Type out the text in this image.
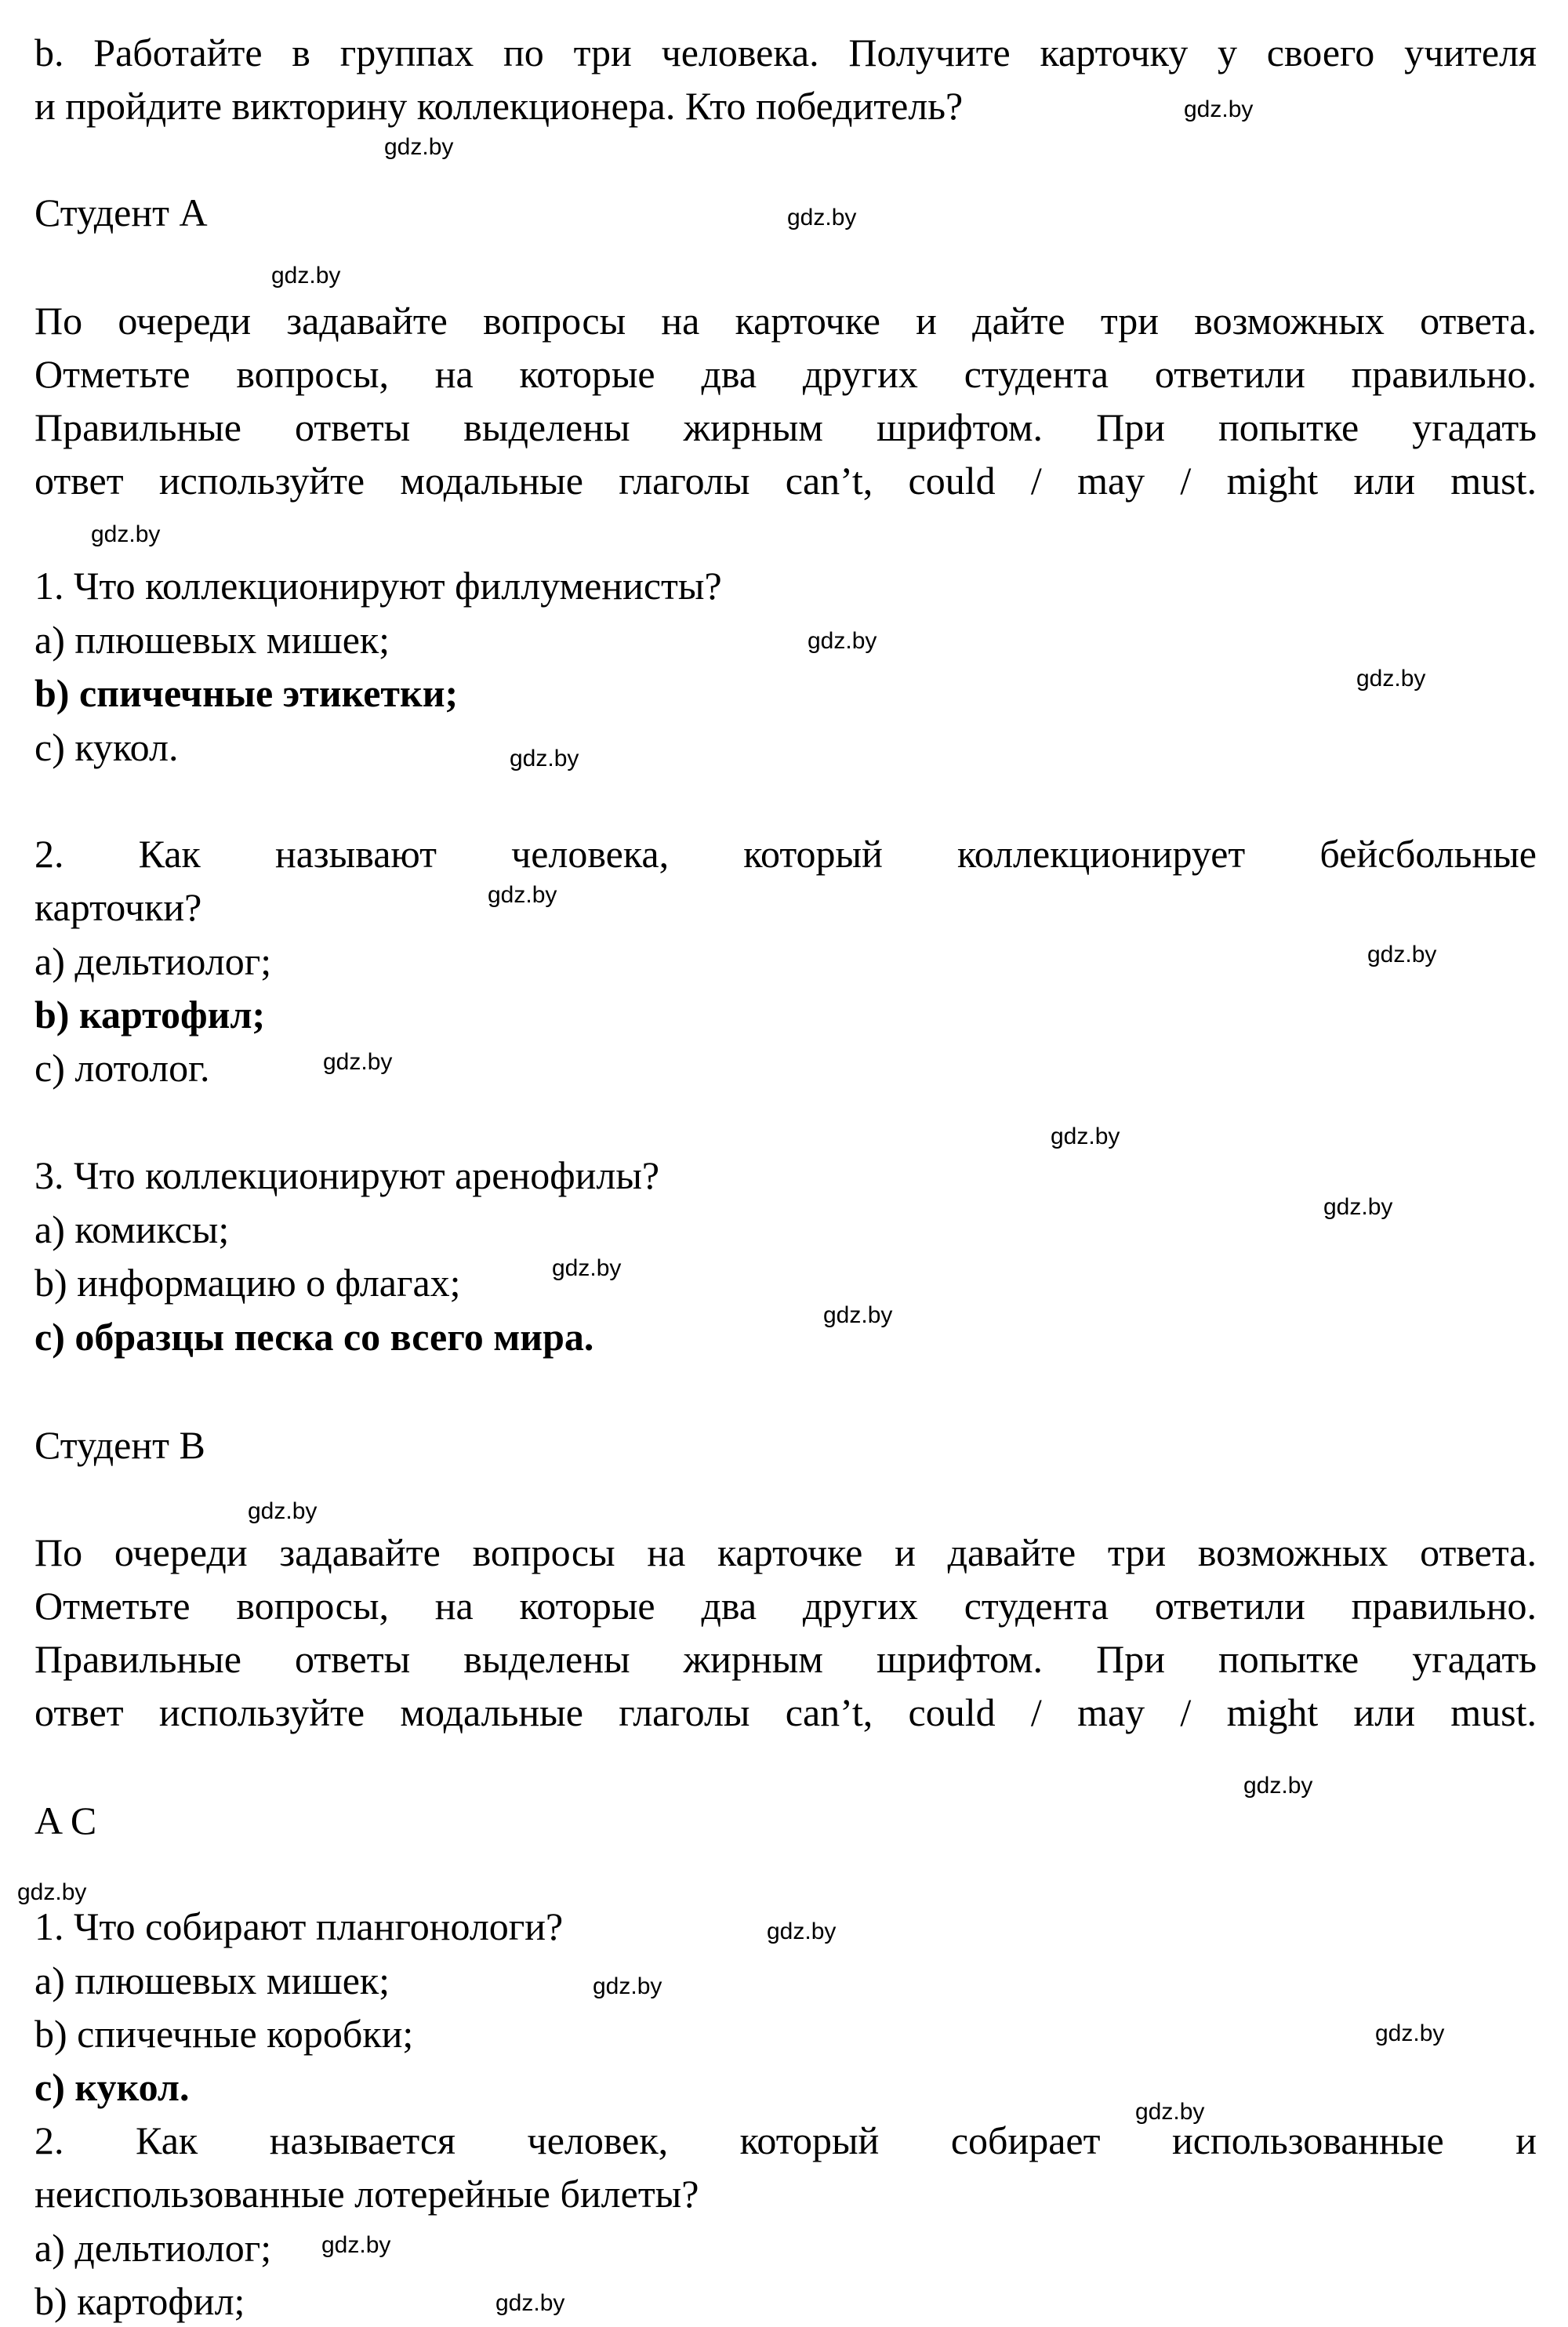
b. Работайте в группах по три человека. Получите карточку у своего учителя
и пройдите викторину коллекционера. Кто победитель?
Студент A
По очереди задавайте вопросы на карточке и дайте три возможных ответа.
Отметьте вопросы, на которые два других студента ответили правильно.
Правильные ответы выделены жирным шрифтом. При попытке угадать
ответ используйте модальные глаголы can’t, could / may / might или must.
1. Что коллекционируют филлуменисты?
a) плюшевых мишек;
b) спичечные этикетки;
c) кукол.
2. Как называют человека, который коллекционирует бейсбольные
карточки?
a) дельтиолог;
b) картофил;
c) лотолог.
3. Что коллекционируют аренофилы?
a) комиксы;
b) информацию о флагах;
c) образцы песка со всего мира.
Студент B
По очереди задавайте вопросы на карточке и давайте три возможных ответа.
Отметьте вопросы, на которые два других студента ответили правильно.
Правильные ответы выделены жирным шрифтом. При попытке угадать
ответ используйте модальные глаголы can’t, could / may / might или must.
A C
1. Что собирают плангонологи?
a) плюшевых мишек;
b) спичечные коробки;
c) кукол.
2. Как называется человек, который собирает использованные и
неиспользованные лотерейные билеты?
a) дельтиолог;
b) картофил;
gdz.by
gdz.by
gdz.by
gdz.by
gdz.by
gdz.by
gdz.by
gdz.by
gdz.by
gdz.by
gdz.by
gdz.by
gdz.by
gdz.by
gdz.by
gdz.by
gdz.by
gdz.by
gdz.by
gdz.by
gdz.by
gdz.by
gdz.by
gdz.by
